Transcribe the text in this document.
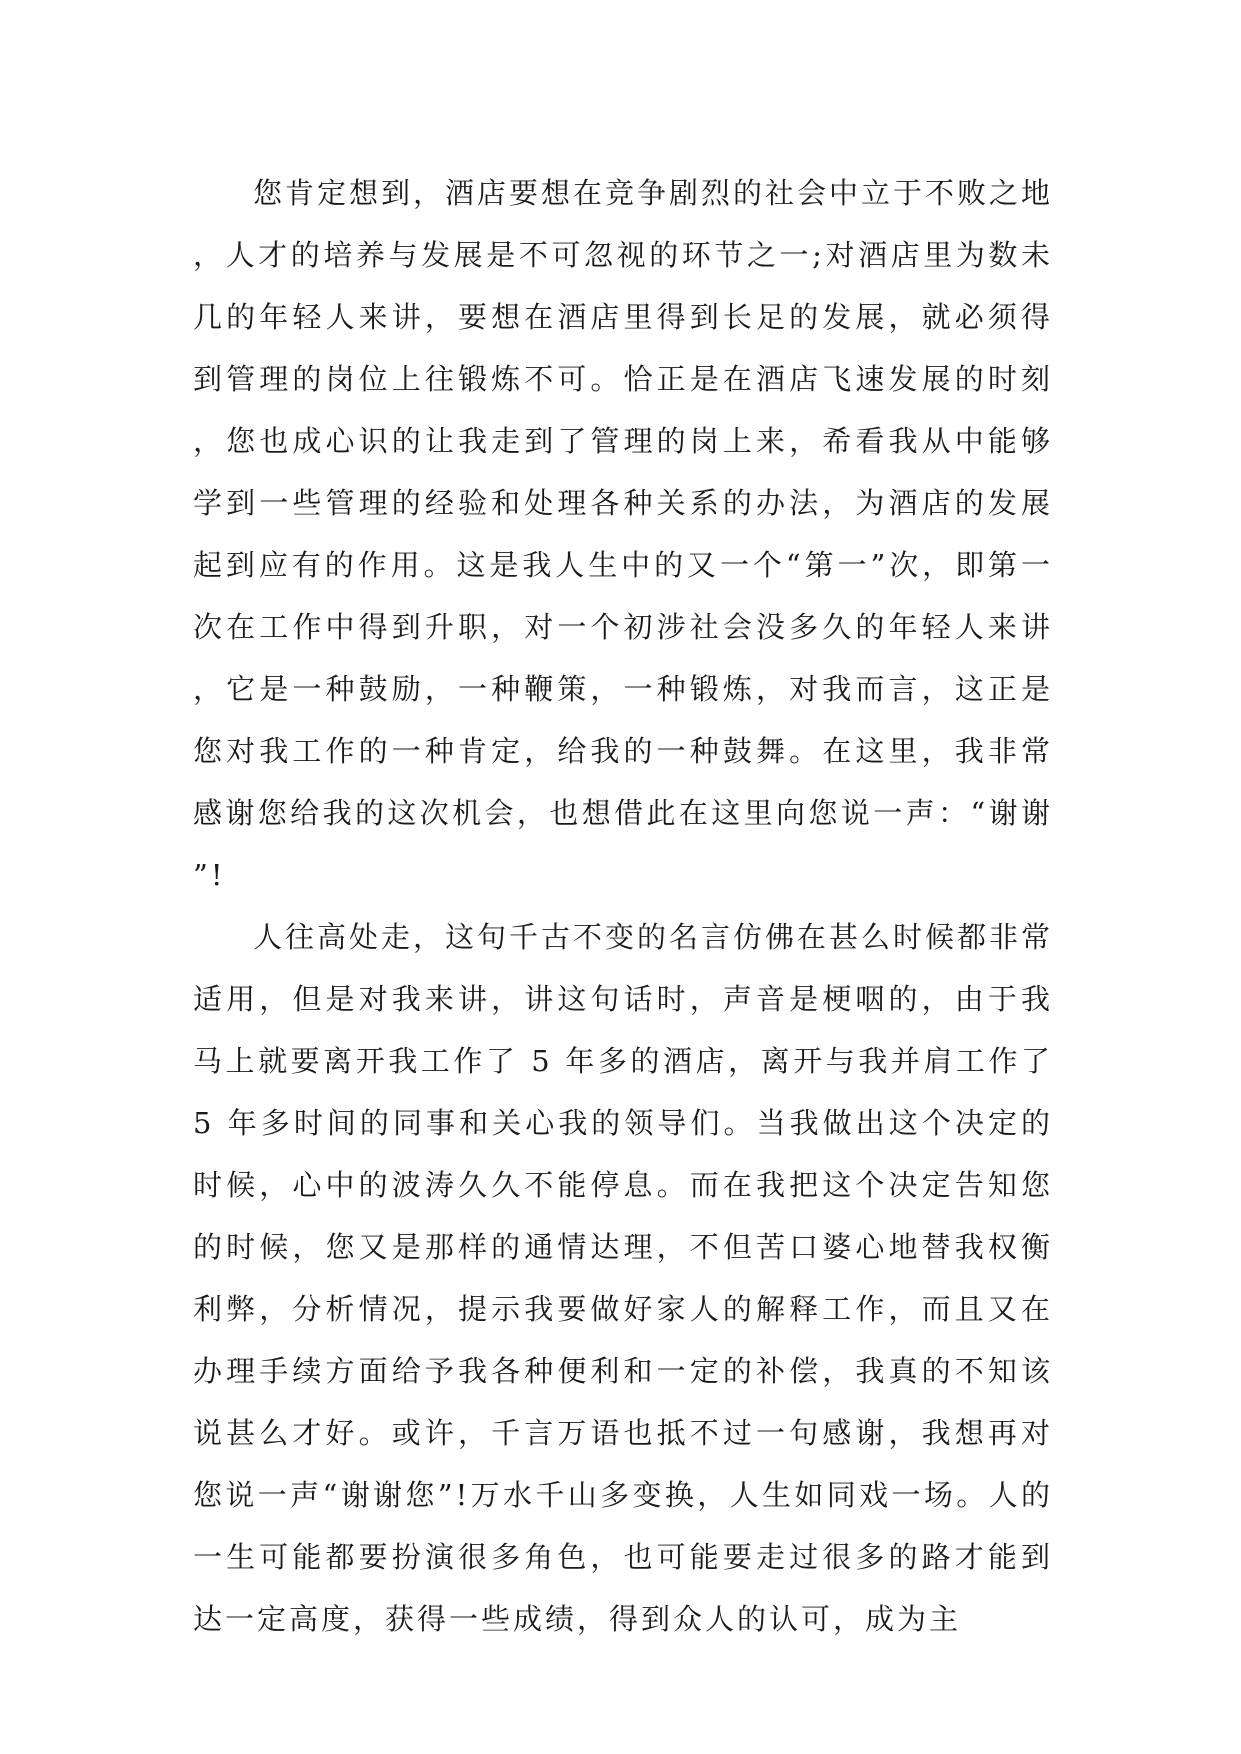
您肯定想到，酒店要想在竞争剧烈的社会中立于不败之地，人才的培养与发展是不可忽视的环节之一;对酒店里为数未几的年轻人来讲，要想在酒店里得到长足的发展，就必须得到管理的岗位上往锻炼不可。恰正是在酒店飞速发展的时刻，您也成心识的让我走到了管理的岗上来，希看我从中能够学到一些管理的经验和处理各种关系的办法，为酒店的发展起到应有的作用。这是我人生中的又一个“第一”次，即第一次在工作中得到升职，对一个初涉社会没多久的年轻人来讲，它是一种鼓励，一种鞭策，一种锻炼，对我而言，这正是您对我工作的一种肯定，给我的一种鼓舞。在这里，我非常感谢您给我的这次机会，也想借此在这里向您说一声：“谢谢”!

人往高处走，这句千古不变的名言仿佛在甚么时候都非常适用，但是对我来讲，讲这句话时，声音是梗咽的，由于我马上就要离开我工作了 5 年多的酒店，离开与我并肩工作了 5 年多时间的同事和关心我的领导们。当我做出这个决定的时候，心中的波涛久久不能停息。而在我把这个决定告知您的时候，您又是那样的通情达理，不但苦口婆心地替我权衡利弊，分析情况，提示我要做好家人的解释工作，而且又在办理手续方面给予我各种便利和一定的补偿，我真的不知该说甚么才好。或许，千言万语也抵不过一句感谢，我想再对您说一声“谢谢您”!万水千山多变换，人生如同戏一场。人的一生可能都要扮演很多角色，也可能要走过很多的路才能到达一定高度，获得一些成绩，得到众人的认可，成为主
